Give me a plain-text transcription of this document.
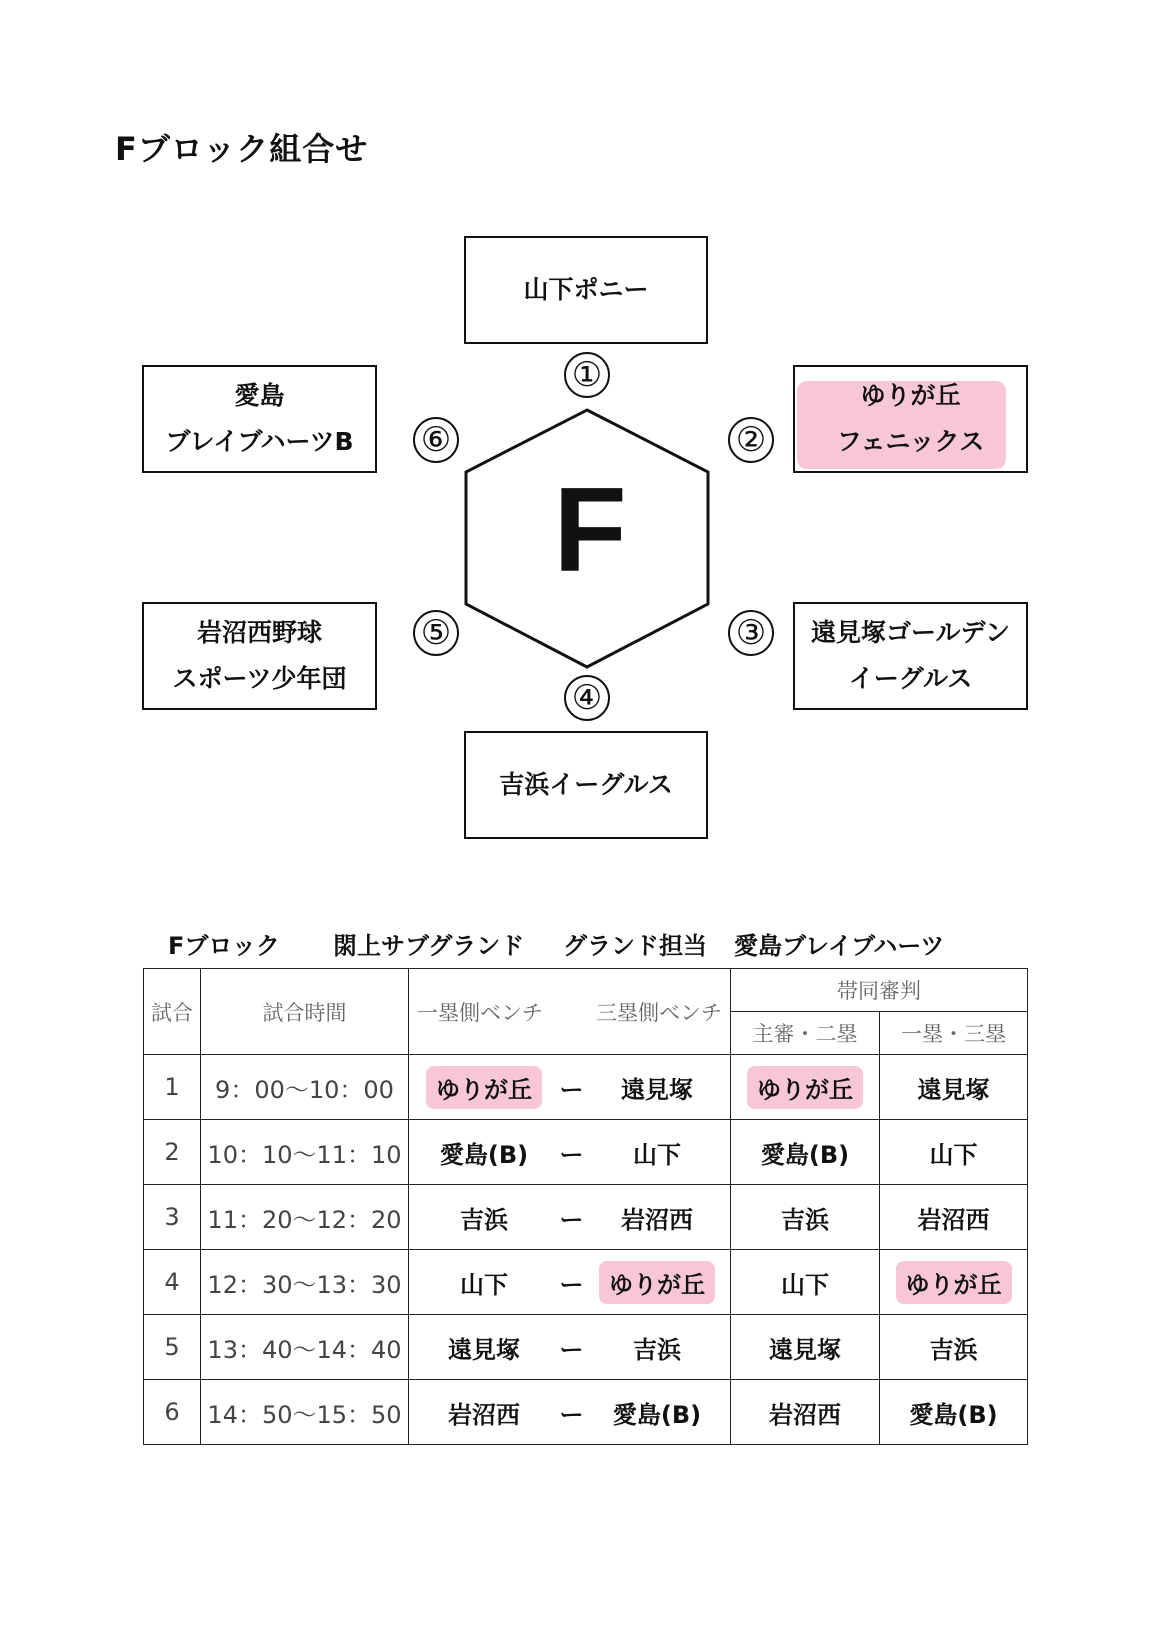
Fブロック組合せ
F
山下ポニー
ゆりが丘
フェニックス
遠見塚ゴールデン
イーグルス
吉浜イーグルス
岩沼西野球
スポーツ少年団
愛島
ブレイブハーツB
①
②
③
④
⑤
⑥
Fブロック 閖上サブグランド グランド担当 愛島ブレイブハーツ
試合	試合時間	一塁側ベンチ 三塁側ベンチ	帯同審判	
			主審・二塁	一塁・三塁
1	9：00〜10：00	ゆりが丘 ー 遠見塚	ゆりが丘	遠見塚
2	10：10〜11：10	愛島(B) ー 山下	愛島(B)	山下
3	11：20〜12：20	吉浜 ー 岩沼西	吉浜	岩沼西
4	12：30〜13：30	山下 ー ゆりが丘	山下	ゆりが丘
5	13：40〜14：40	遠見塚 ー 吉浜	遠見塚	吉浜
6	14：50〜15：50	岩沼西 ー 愛島(B)	岩沼西	愛島(B)
